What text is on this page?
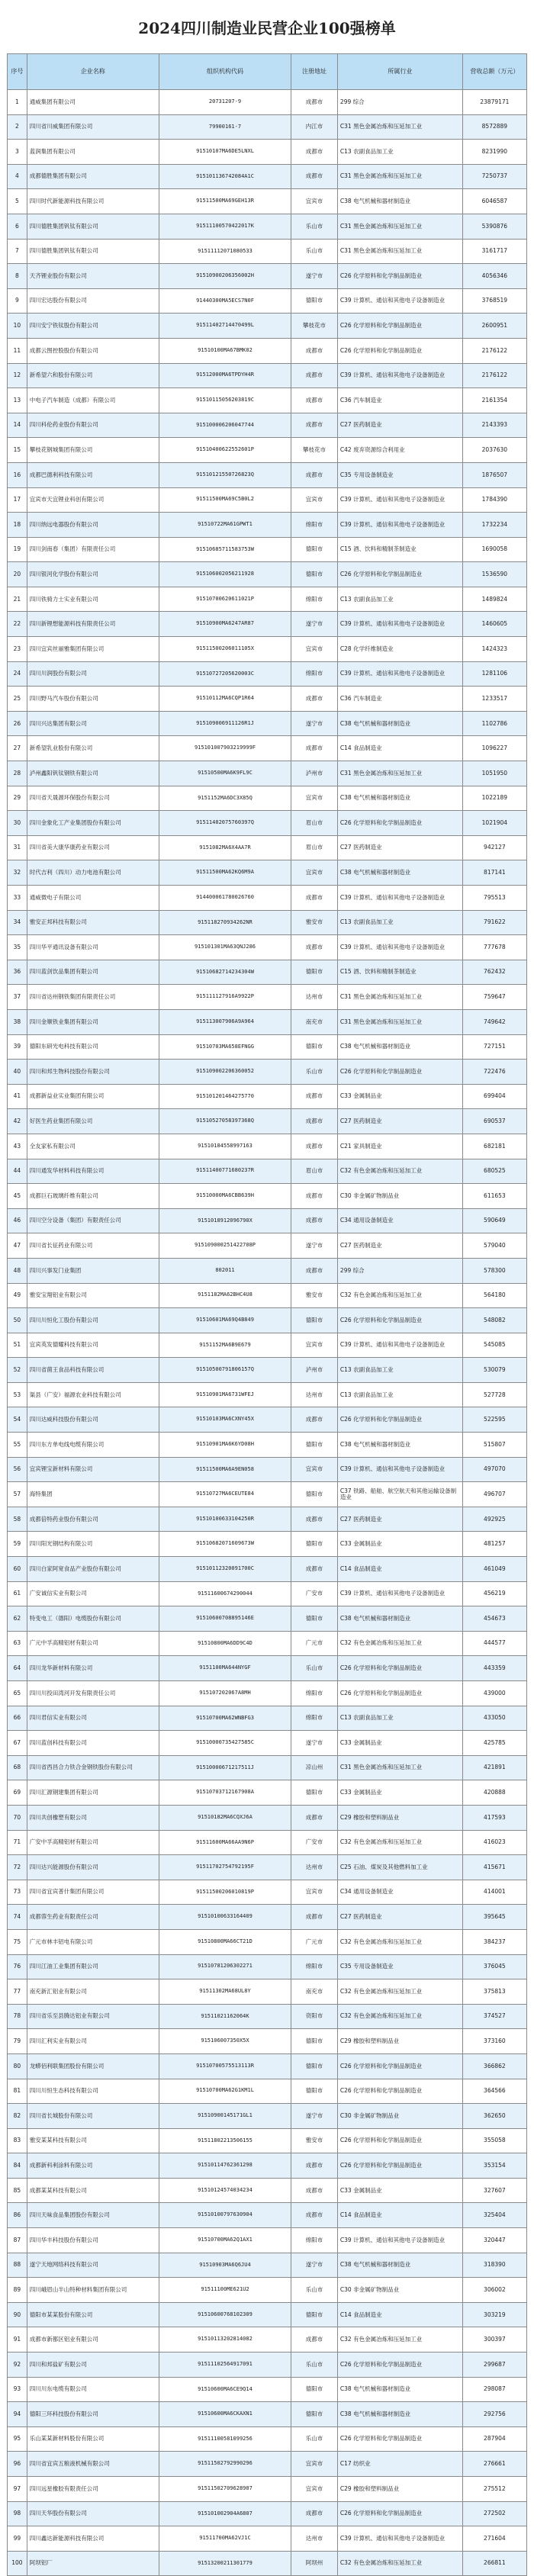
2024四川制造业民营企业100强榜单
序号	企业名称	组织机构代码	注册地址	所属行业	营收总额（万元）
1	通威集团有限公司	20731207-9	成都市	299 综合	23879171
2	四川省川威集团有限公司	79900161-7	内江市	C31 黑色金属冶炼和压延加工业	8572889
3	蓝润集团有限公司	91510107MA6DE5LNXL	成都市	C13 农副食品加工业	8231990
4	成都德胜集团有限公司	915101136742084A1C	成都市	C31 黑色金属冶炼和压延加工业	7250737
5	四川时代新能源科技有限公司	91511500MA69GEH13R	宜宾市	C38 电气机械和器材制造业	6046587
6	四川德胜集团钒钛有限公司	91511100570422017K	乐山市	C31 黑色金属冶炼和压延加工业	5390876
7	四川德胜集团钒钛有限公司	91511112071080533	乐山市	C31 黑色金属冶炼和压延加工业	3161717
8	天齐锂业股份有限公司	91510900206356002H	遂宁市	C26 化学原料和化学制品制造业	4056346
9	四川宏达股份有限公司	91440300MA5ECS7N0F	德阳市	C39 计算机、通信和其他电子设备制造业	3768519
10	四川安宁铁钛股份有限公司	91511402714470499L	攀枝花市	C26 化学原料和化学制品制造业	2600951
11	成都云图控股股份有限公司	91510100MA67BMK02	成都市	C26 化学原料和化学制品制造业	2176122
12	新希望六和股份有限公司	91512000MA6TPDYH4R	成都市	C39 计算机、通信和其他电子设备制造业	2176122
13	中电子汽车制造（成都）有限公司	91510115056203819C	成都市	C36 汽车制造业	2161354
14	四川科伦药业股份有限公司	915100006206047744	成都市	C27 医药制造业	2143393
15	攀枝花钢城集团有限公司	91510400622552601P	攀枝花市	C42 废弃资源综合利用业	2037630
16	成都巴德利科技有限公司	91510121550726823Q	成都市	C35 专用设备制造业	1876507
17	宜宾市天宜锂业科创有限公司	91511500MA69C5B0L2	宜宾市	C39 计算机、通信和其他电子设备制造业	1784390
18	四川纳远电器股份有限公司	91510722MA61GPWT1	绵阳市	C39 计算机、通信和其他电子设备制造业	1732234
19	四川剑南春（集团）有限责任公司	91510685711583753W	德阳市	C15 酒、饮料和精制茶制造业	1690058
20	四川银河化学股份有限公司	915106002056211928	德阳市	C26 化学原料和化学制品制造业	1536590
21	四川铁骑力士实业有限公司	91510700620611021P	绵阳市	C13 农副食品加工业	1489824
22	四川新锂想能源科技有限责任公司	91510900MA6247AR87	遂宁市	C39 计算机、通信和其他电子设备制造业	1460605
23	四川宜宾丝丽雅集团有限公司	91511500206011105X	宜宾市	C28 化学纤维制造业	1424323
24	四川川润股份有限公司	91510727205620003C	绵阳市	C39 计算机、通信和其他电子设备制造业	1281106
25	四川野马汽车股份有限公司	91510112MA6CQP1R64	成都市	C36 汽车制造业	1233517
26	四川兴达集团有限公司	915109006911126R1J	遂宁市	C38 电气机械和器材制造业	1102786
27	新希望乳业股份有限公司	915101007903219999F	成都市	C14 食品制造业	1096227
28	泸州鑫阳钒钛钢铁有限公司	91510500MA6K9FL9C	泸州市	C31 黑色金属冶炼和压延加工业	1051950
29	四川省天晟源环保股份有限公司	9151152MA6DC3X85Q	宜宾市	C38 电气机械和器材制造业	1022189
30	四川金象化工产业集团股份有限公司	91511402075760397Q	眉山市	C26 化学原料和化学制品制造业	1021904
31	四川省美大康华康药业有限公司	9151082MA6X4AA7R	眉山市	C27 医药制造业	942127
32	时代吉利（四川）动力电池有限公司	91511500MA62KQ6M9A	宜宾市	C38 电气机械和器材制造业	817141
33	通威微电子有限公司	914400061780026760	成都市	C39 计算机、通信和其他电子设备制造业	795513
34	雅安正邦科技有限公司	915118270934262NR	雅安市	C13 农副食品加工业	791622
35	四川华平通讯设备有限公司	915101301MA63QNJ286	成都市	C39 计算机、通信和其他电子设备制造业	777678
36	四川蓝剑饮品集团有限公司	91510682714234304W	德阳市	C15 酒、饮料和精制茶制造业	762432
37	四川省达州钢铁集团有限责任公司	915111127916A9922P	达州市	C31 黑色金属冶炼和压延加工业	759647
38	四川金顺铁业集团有限公司	915113007906A9A964	南充市	C31 黑色金属冶炼和压延加工业	749642
39	德阳东研光电科技有限公司	91510703MA658EFNGG	德阳市	C38 电气机械和器材制造业	727151
40	四川和邦生物科技股份有限公司	915109002206360052	乐山市	C26 化学原料和化学制品制造业	722476
41	成都新益业实业集团有限公司	915101201464275770	成都市	C33 金属制品业	699404
42	好医生药业集团有限公司	91510527058397368Q	成都市	C27 医药制造业	690537
43	全友家私有限公司	91510184558997163	成都市	C21 家具制造业	682181
44	四川通发华材料科技有限公司	91511400771680237R	眉山市	C32 有色金属冶炼和压延加工业	680525
45	成都巨石玻璃纤维有限公司	91510000MA6CBB639H	成都市	C30 非金属矿物制品业	611653
46	四川空分设备（集团）有限责任公司	9151018912096790X	成都市	C34 通用设备制造业	590649
47	四川省长征药业有限公司	915109000251422708P	遂宁市	C27 医药制造业	579040
48	四川兴事发门业集团	802011	成都市	299 综合	578300
49	雅安宝翔铝业有限公司	9151182MA62BHC4U8	雅安市	C32 有色金属冶炼和压延加工业	564180
50	四川川恒化工股份有限公司	91510601MA69Q4B849	德阳市	C26 化学原料和化学制品制造业	548082
51	宜宾英发德耀科技有限公司	9151152MA6B9E679	宜宾市	C39 计算机、通信和其他电子设备制造业	545085
52	四川省菌王食品科技有限公司	91510500791806157Q	泸州市	C13 农副食品加工业	530079
53	渠县（广安）福源农业科技有限公司	91510901MA6731WFEJ	达州市	C13 农副食品加工业	527728
54	四川达威科技股份有限公司	91510103MA6CXNY45X	成都市	C26 化学原料和化学制品制造业	522595
55	四川东方单电线电缆有限公司	91510901MA6K6YD08H	德阳市	C38 电气机械和器材制造业	515807
56	宜宾锂宝新材料有限公司	91511500MA6A9EN058	宜宾市	C39 计算机、通信和其他电子设备制造业	497070
57	海特集团	91510727MA6CEUTE84	德阳市	C37 铁路、船舶、航空航天和其他运输设备制造业	496707
58	成都倍特药业股份有限公司	91510100633104250R	成都市	C27 医药制造业	492925
59	四川阳光钢结构有限公司	91510682071609673W	德阳市	C33 金属制品业	481257
60	四川白家阿宽食品产业股份有限公司	91510112320091700C	成都市	C14 食品制造业	461049
61	广安诚信实业有限公司	91511600674290044	广安市	C39 计算机、通信和其他电子设备制造业	456219
62	特变电工（德阳）电缆股份有限公司	91510600708895146E	德阳市	C38 电气机械和器材制造业	454673
63	广元中孚高精铝材有限公司	91510800MA6DD9C4D	广元市	C32 有色金属冶炼和压延加工业	444577
64	四川龙华新材料有限公司	9151100MA644NYGF	乐山市	C26 化学原料和化学制品制造业	443359
65	四川川投田湾河开发有限责任公司	915107202067A8MH	绵阳市	C26 化学原料和化学制品制造业	439000
66	四川君信实业有限公司	91510700MA62WNBFG3	绵阳市	C13 农副食品加工业	433050
67	四川蓝创科技有限公司	91510000735427585C	遂宁市	C33 金属制品业	425785
68	四川省西昌合力铁合金钢铁股份有限公司	91510000671217511J	凉山州	C31 黑色金属冶炼和压延加工业	421891
69	四川汇源钢建集团有限公司	91510703712167908A	德阳市	C33 金属制品业	420888
70	四川共创橡塑有限公司	91510182MA6CQXJ6A	成都市	C29 橡胶和塑料制品业	417593
71	广安中孚高精铝材有限公司	91511600MA66AA9N6P	广安市	C32 有色金属冶炼和压延加工业	416023
72	四川达兴能源股份有限公司	91511702754792195F	达州市	C25 石油、煤炭及其他燃料加工业	415671
73	四川省宜宾普什集团有限公司	91511500206010819P	宜宾市	C34 通用设备制造业	414001
74	成都蓉生药业有限责任公司	91510100633164409	成都市	C27 医药制造业	395645
75	广元市林丰铝电有限公司	91510800MA66CT21D	广元市	C32 有色金属冶炼和压延加工业	384237
76	四川江油工业集团有限公司	91510781206302271	绵阳市	C35 专用设备制造业	376045
77	南充新汇铝业有限公司	91511302MA68UL8Y	南充市	C32 有色金属冶炼和压延加工业	375813
78	四川省乐至县腾达铝业有限公司	91511021162064K	资阳市	C32 有色金属冶炼和压延加工业	374527
79	四川汇利实业有限公司	915106007350X5X	德阳市	C29 橡胶和塑料制品业	373160
80	龙蟒佰利联集团股份有限公司	91510700575513113R	德阳市	C26 化学原料和化学制品制造业	366862
81	四川川恒生态科技有限公司	91510700MA62G1KM1L	德阳市	C26 化学原料和化学制品制造业	364566
82	四川省长城股份有限公司	91510900145171GL1	遂宁市	C30 非金属矿物制品业	362650
83	雅安某某科技有限公司	91511802213506155	雅安市	C26 化学原料和化学制品制造业	355058
84	成都新科利涂料有限公司	91510114762361298	成都市	C26 化学原料和化学制品制造业	353154
85	成都某某科技有限公司	91510124574034234	成都市	C33 金属制品业	327607
86	四川天味食品集团股份有限公司	91510100797630904	成都市	C14 食品制造业	325404
87	四川华丰科技股份有限公司	91510700MA62Q1AX1	绵阳市	C39 计算机、通信和其他电子设备制造业	320447
88	遂宁天地网络科技有限公司	91510903MA6Q6JU4	遂宁市	C38 电气机械和器材制造业	318390
89	四川峨眉山半山特种材料集团有限公司	91511100ME621U2	乐山市	C30 非金属矿物制品业	306002
90	德阳市某某股份有限公司	91510600768102309	德阳市	C14 食品制造业	303219
91	成都市新都区铝业有限公司	91510113202814082	成都市	C32 有色金属冶炼和压延加工业	300397
92	四川和邦盐矿有限公司	91511102564917091	乐山市	C26 化学原料和化学制品制造业	299687
93	四川川东电缆有限公司	91510600MA6CE9Q14	德阳市	C38 电气机械和器材制造业	298087
94	德阳三环科技股份有限公司	91510600MA6CKAXN1	德阳市	C38 电气机械和器材制造业	292756
95	乐山某某新材料股份有限公司	91511100581099256	乐山市	C26 化学原料和化学制品制造业	287904
96	四川省宜宾五粮液机械有限公司	91511502792990296	宜宾市	C17 纺织业	276661
97	四川远星橡胶有限责任公司	91511502709628907	宜宾市	C29 橡胶和塑料制品业	275512
98	四川天华股份有限公司	915101002904A6807	成都市	C26 化学原料和化学制品制造业	272502
99	四川鑫达新能源科技有限公司	91511700MA62VJ1C	达州市	C39 计算机、通信和其他电子设备制造业	271604
100	阿坝铝厂	91513200211301779	阿坝州	C32 有色金属冶炼和压延加工业	266811
